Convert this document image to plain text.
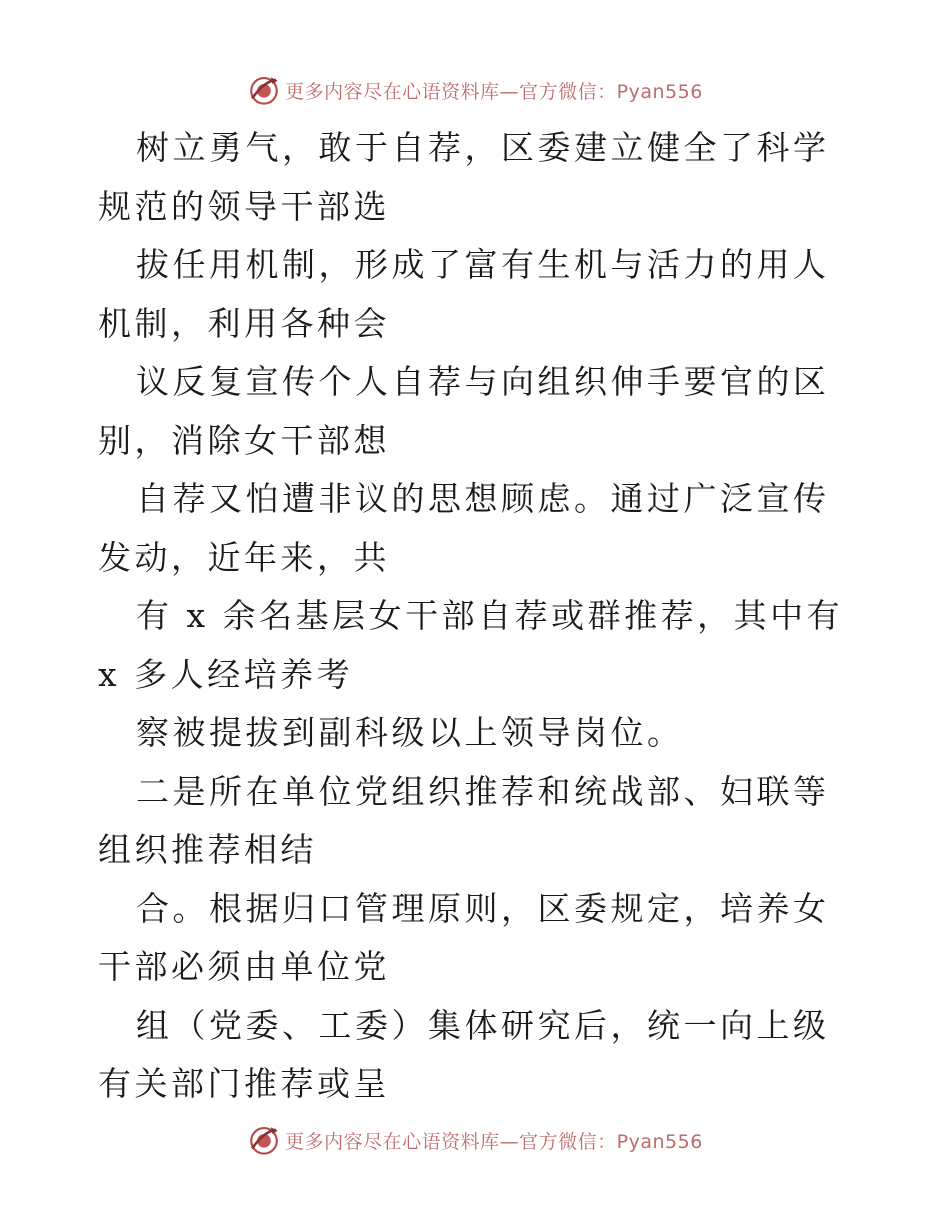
更多内容尽在心语资料库—官方微信：Pyan556

树立勇气，敢于自荐，区委建立健全了科学规范的领导干部选

拔任用机制，形成了富有生机与活力的用人机制，利用各种会

议反复宣传个人自荐与向组织伸手要官的区别，消除女干部想

自荐又怕遭非议的思想顾虑。通过广泛宣传发动，近年来，共

有 x 余名基层女干部自荐或群推荐，其中有 x 多人经培养考

察被提拔到副科级以上领导岗位。

二是所在单位党组织推荐和统战部、妇联等组织推荐相结

合。根据归口管理原则，区委规定，培养女干部必须由单位党

组（党委、工委）集体研究后，统一向上级有关部门推荐或呈

更多内容尽在心语资料库—官方微信：Pyan556
